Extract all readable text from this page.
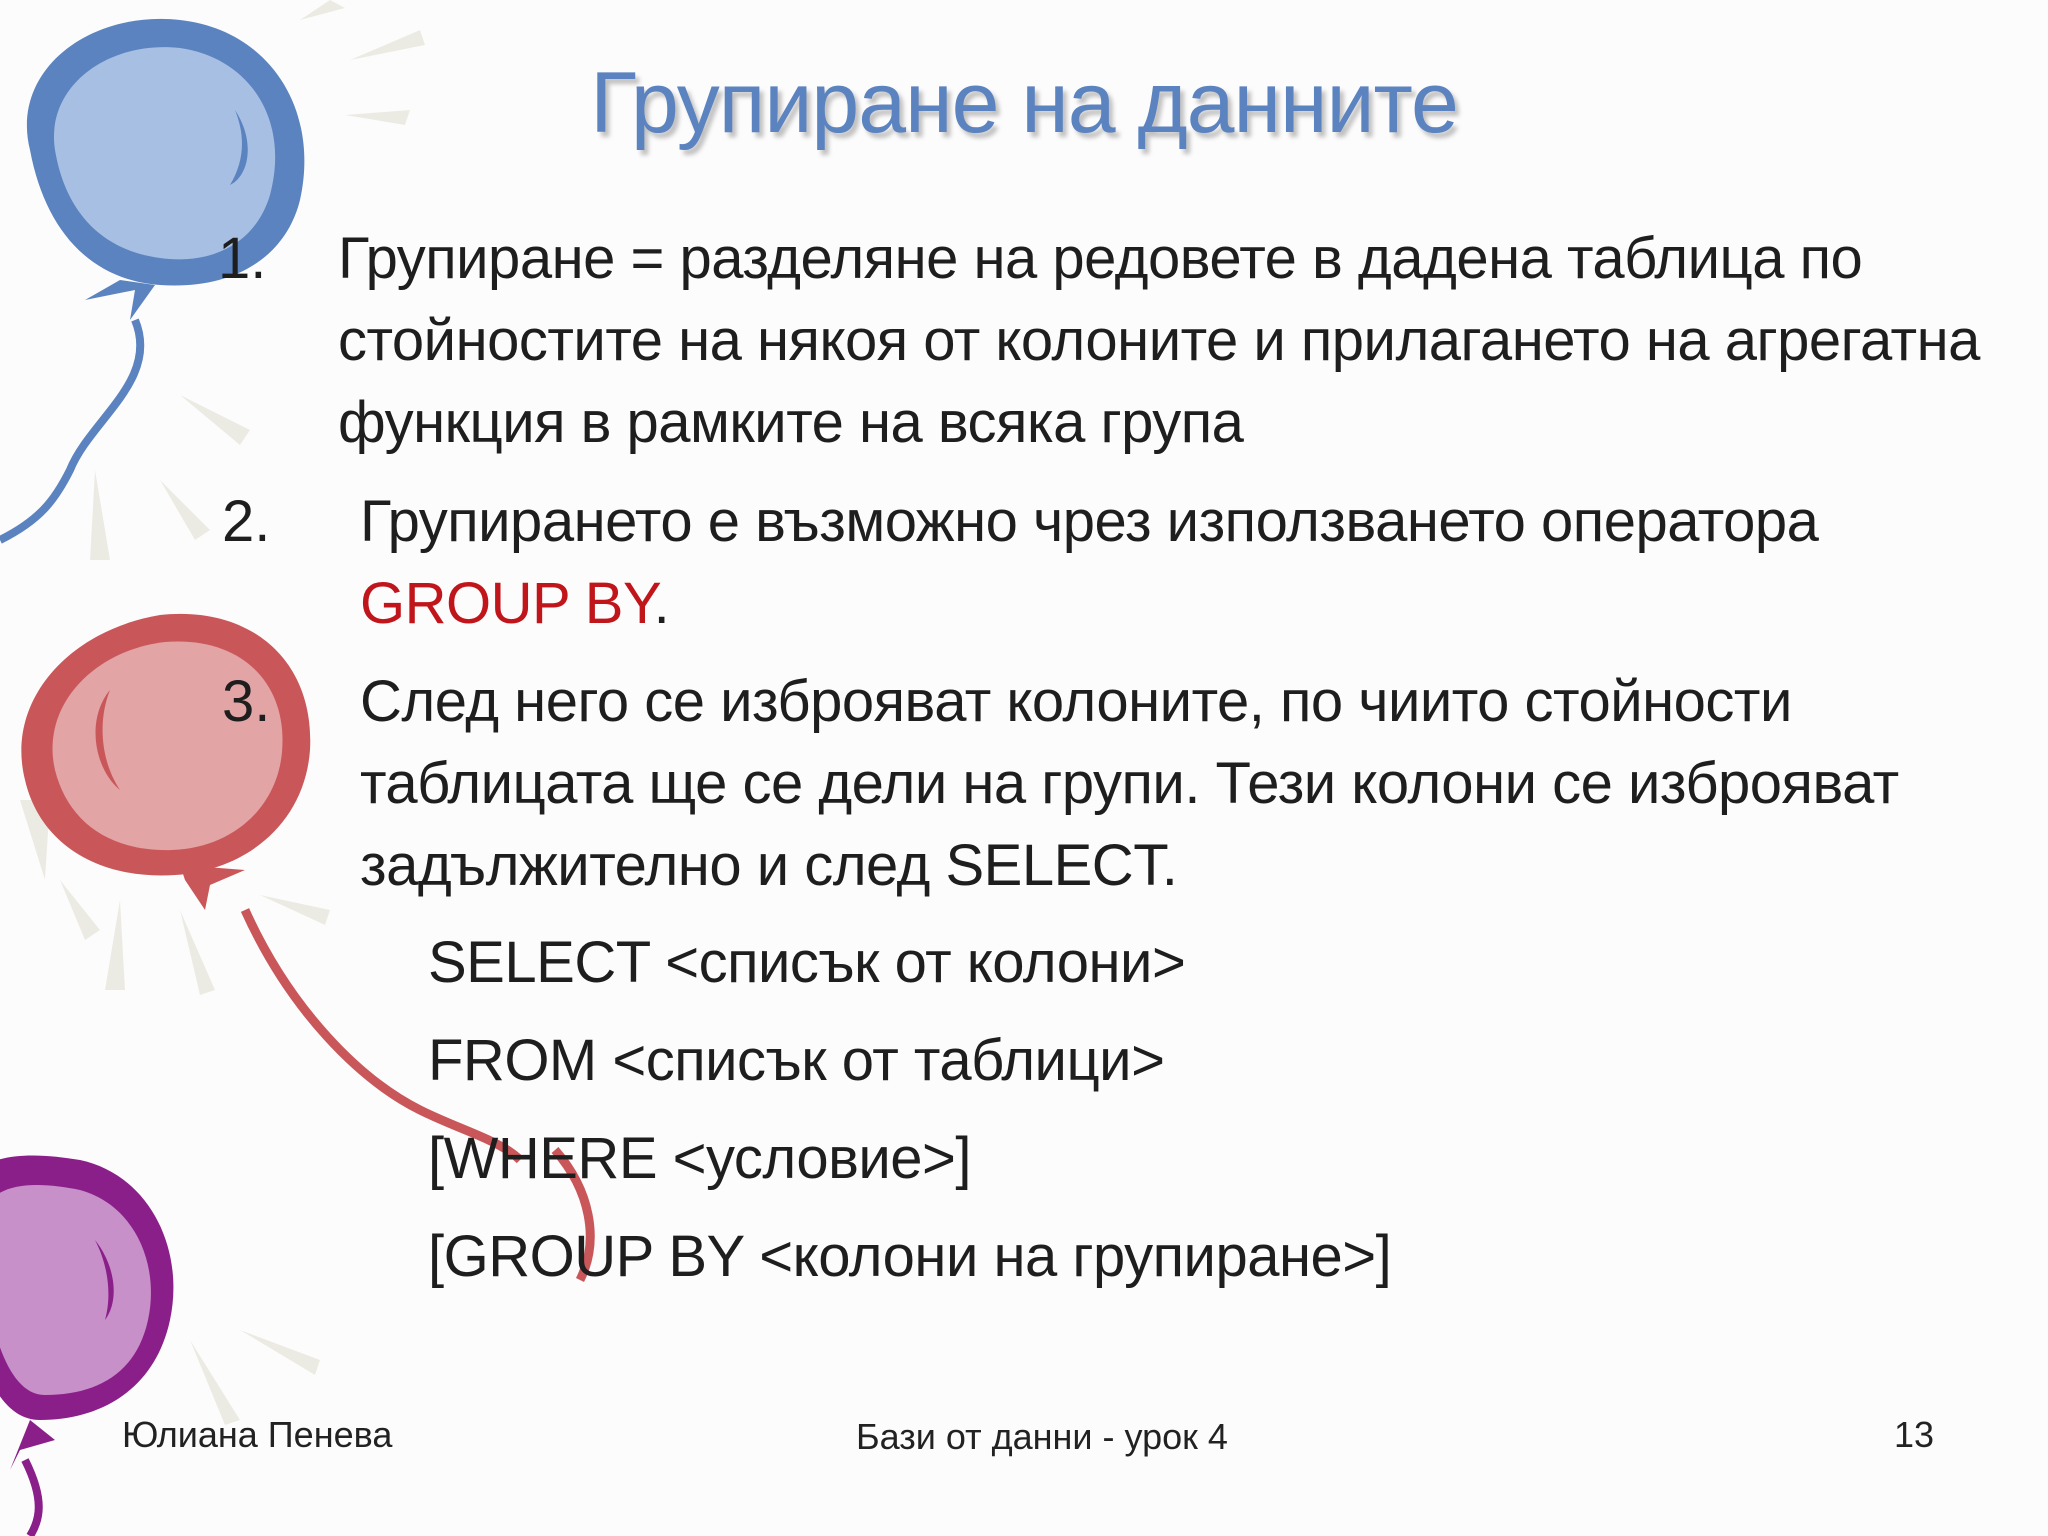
Групиране на данните
1. Групиране = разделяне на редовете в дадена таблица по
стойностите на някоя от колоните и прилагането на агрегатна
функция в рамките на всяка група
2. Групирането е възможно чрез използването оператора
GROUP BY.
3. След него се изброяват колоните, по чиито стойности
таблицата ще се дели на групи. Тези колони се изброяват
задължително и след SELECT.
SELECT <списък от колони>
FROM <списък от таблици>
[WHERE <условие>]
[GROUP BY <колони на групиране>]
Юлиана Пенева	Бази от данни - урок 4	13
